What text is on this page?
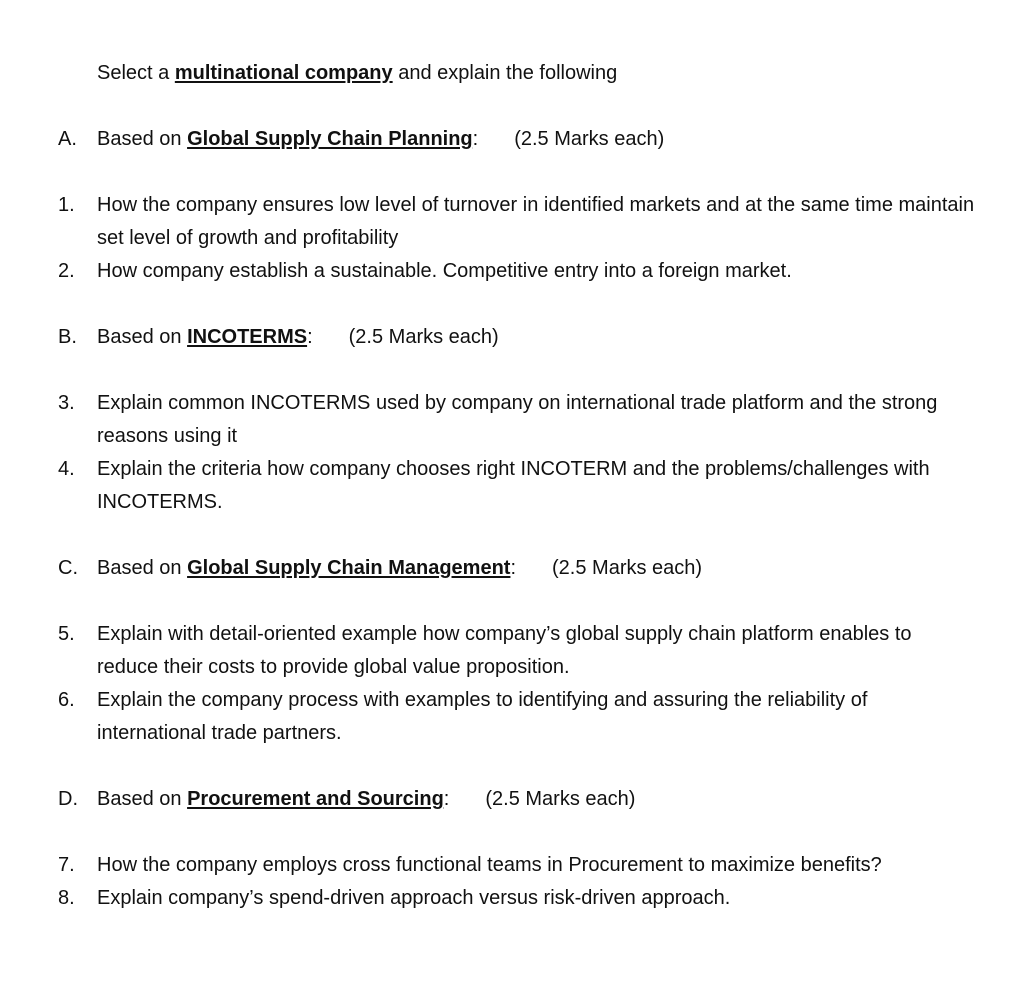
Select a multinational company and explain the following
A. Based on Global Supply Chain Planning: (2.5 Marks each)
1. How the company ensures low level of turnover in identified markets and at the same time maintain set level of growth and profitability
2. How company establish a sustainable. Competitive entry into a foreign market.
B. Based on INCOTERMS: (2.5 Marks each)
3. Explain common INCOTERMS used by company on international trade platform and the strong reasons using it
4. Explain the criteria how company chooses right INCOTERM and the problems/challenges with INCOTERMS.
C. Based on Global Supply Chain Management: (2.5 Marks each)
5. Explain with detail-oriented example how company’s global supply chain platform enables to reduce their costs to provide global value proposition.
6. Explain the company process with examples to identifying and assuring the reliability of international trade partners.
D. Based on Procurement and Sourcing: (2.5 Marks each)
7. How the company employs cross functional teams in Procurement to maximize benefits?
8. Explain company’s spend-driven approach versus risk-driven approach.
